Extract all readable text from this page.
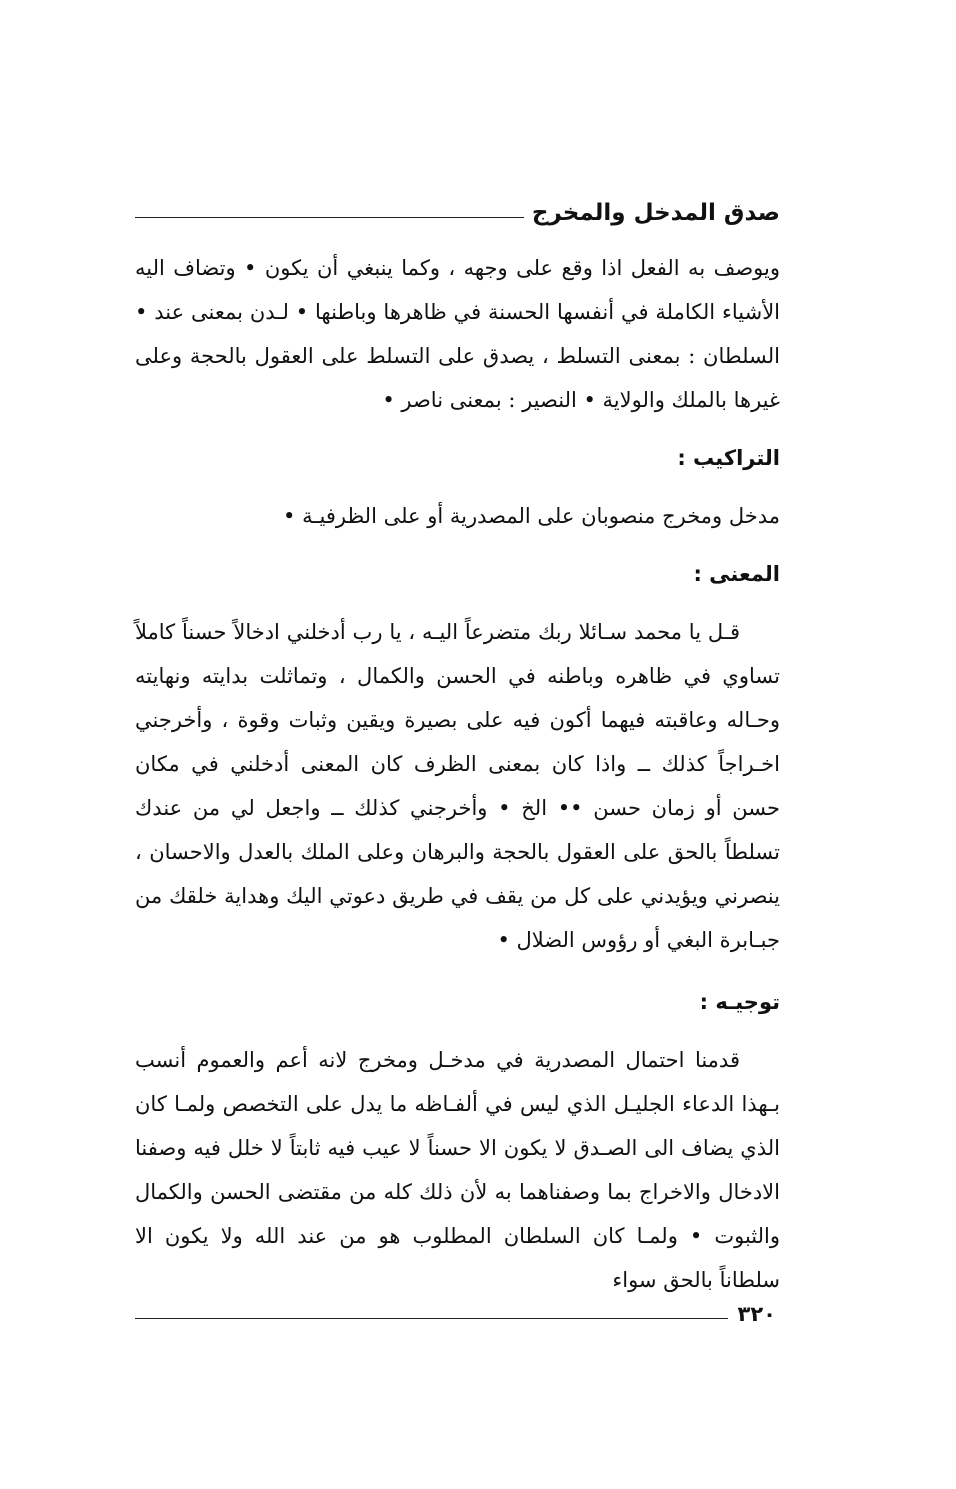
صدق المدخل والمخرج

ويوصف به الفعل اذا وقع على وجهه ، وكما ينبغي أن يكون • وتضاف اليه الأشياء الكاملة في أنفسها الحسنة في ظاهرها وباطنها • لـدن بمعنى عند • السلطان : بمعنى التسلط ، يصدق على التسلط على العقول بالحجة وعلى غيرها بالملك والولاية • النصير : بمعنى ناصر •

التراكيب :

مدخل ومخرج منصوبان على المصدرية أو على الظرفيـة •

المعنى :

قـل يا محمد سـائلا ربك متضرعاً اليـه ، يا رب أدخلني ادخالاً حسناً كاملاً تساوي في ظاهره وباطنه في الحسن والكمال ، وتماثلت بدايته ونهايته وحـاله وعاقبته فيهما أكون فيه على بصيرة ويقين وثبات وقوة ، وأخرجني اخـراجاً كذلك ــ واذا كان بمعنى الظرف كان المعنى أدخلني في مكان حسن أو زمان حسن •• الخ • وأخرجني كذلك ــ واجعل لي من عندك تسلطاً بالحق على العقول بالحجة والبرهان وعلى الملك بالعدل والاحسان ، ينصرني ويؤيدني على كل من يقف في طريق دعوتي اليك وهداية خلقك من جبـابرة البغي أو رؤوس الضلال •

توجيـه :

قدمنا احتمال المصدرية في مدخـل ومخرج لانه أعم والعموم أنسب بـهذا الدعاء الجليـل الذي ليس في ألفـاظه ما يدل على التخصص ولمـا كان الذي يضاف الى الصـدق لا يكون الا حسناً لا عيب فيه ثابتاً لا خلل فيه وصفنا الادخال والاخراج بما وصفناهما به لأن ذلك كله من مقتضى الحسن والكمال والثبوت • ولمـا كان السلطان المطلوب هو من عند الله ولا يكون الا سلطاناً بالحق سواء

٣٢٠
